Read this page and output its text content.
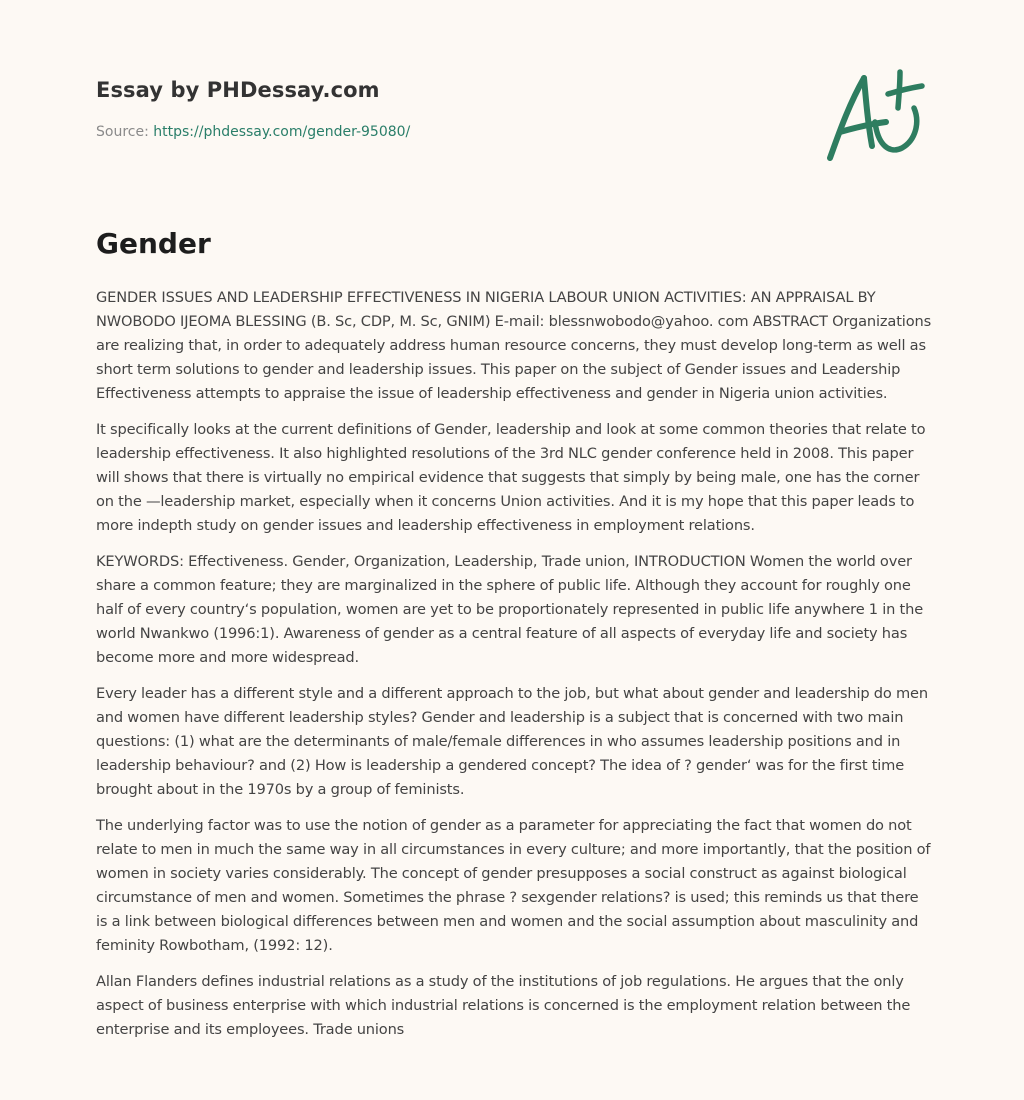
Essay by PHDessay.com
Source: https://phdessay.com/gender-95080/
Gender

GENDER ISSUES AND LEADERSHIP EFFECTIVENESS IN NIGERIA LABOUR UNION ACTIVITIES: AN APPRAISAL BY NWOBODO IJEOMA BLESSING (B. Sc, CDP, M. Sc, GNIM) E-mail: blessnwobodo@yahoo. com ABSTRACT Organizations are realizing that, in order to adequately address human resource concerns, they must develop long-term as well as short term solutions to gender and leadership issues. This paper on the subject of Gender issues and Leadership Effectiveness attempts to appraise the issue of leadership effectiveness and gender in Nigeria union activities.

It specifically looks at the current definitions of Gender, leadership and look at some common theories that relate to leadership effectiveness. It also highlighted resolutions of the 3rd NLC gender conference held in 2008. This paper will shows that there is virtually no empirical evidence that suggests that simply by being male, one has the corner on the —leadership market, especially when it concerns Union activities. And it is my hope that this paper leads to more indepth study on gender issues and leadership effectiveness in employment relations.

KEYWORDS: Effectiveness. Gender, Organization, Leadership, Trade union, INTRODUCTION Women the world over share a common feature; they are marginalized in the sphere of public life. Although they account for roughly one half of every country‘s population, women are yet to be proportionately represented in public life anywhere 1 in the world Nwankwo (1996:1). Awareness of gender as a central feature of all aspects of everyday life and society has become more and more widespread.

Every leader has a different style and a different approach to the job, but what about gender and leadership do men and women have different leadership styles? Gender and leadership is a subject that is concerned with two main questions: (1) what are the determinants of male/female differences in who assumes leadership positions and in leadership behaviour? and (2) How is leadership a gendered concept? The idea of ? gender‘ was for the first time brought about in the 1970s by a group of feminists.

The underlying factor was to use the notion of gender as a parameter for appreciating the fact that women do not relate to men in much the same way in all circumstances in every culture; and more importantly, that the position of women in society varies considerably. The concept of gender presupposes a social construct as against biological circumstance of men and women. Sometimes the phrase ? sexgender relations? is used; this reminds us that there is a link between biological differences between men and women and the social assumption about masculinity and feminity Rowbotham, (1992: 12).

Allan Flanders defines industrial relations as a study of the institutions of job regulations. He argues that the only aspect of business enterprise with which industrial relations is concerned is the employment relation between the enterprise and its employees. Trade unions
